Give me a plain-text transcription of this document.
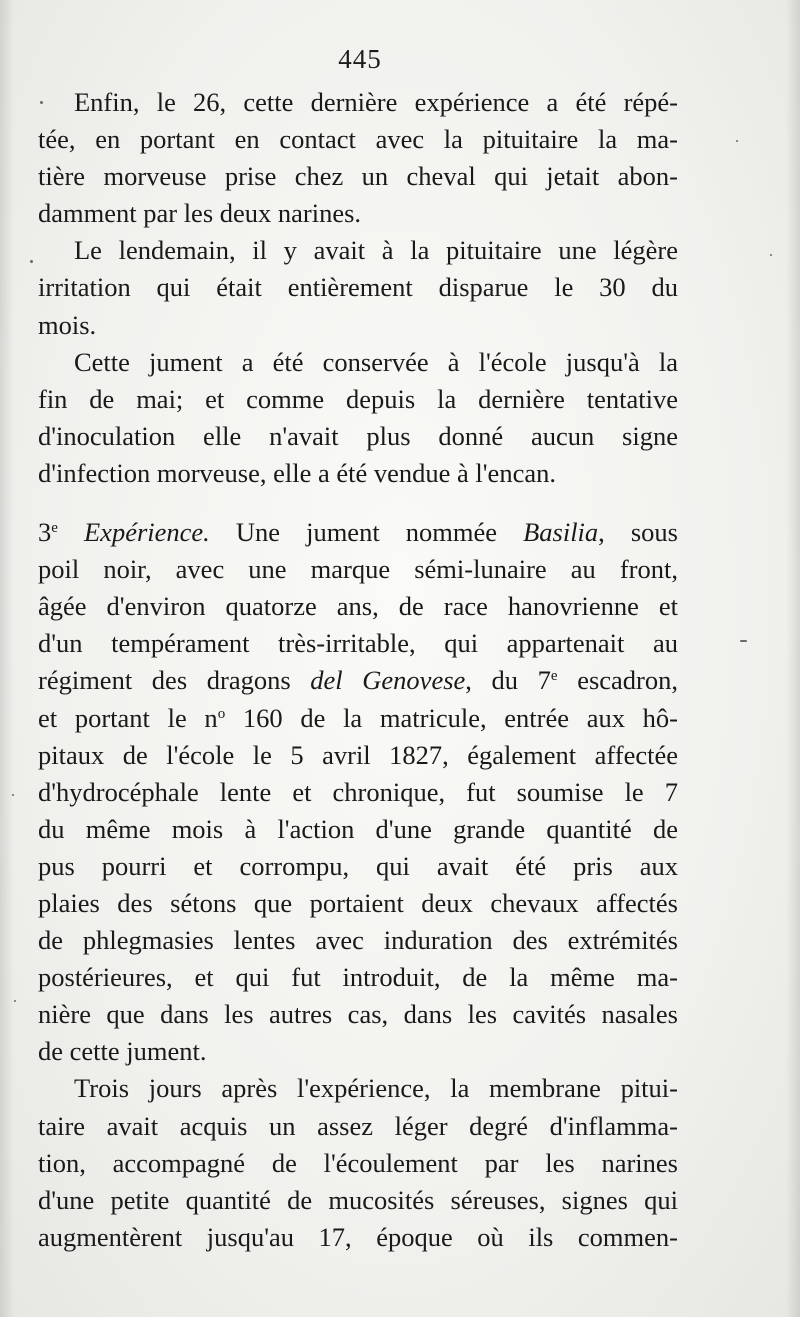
445
Enfin, le 26, cette dernière expérience a été répé-
tée, en portant en contact avec la pituitaire la ma-
tière morveuse prise chez un cheval qui jetait abon-
damment par les deux narines.
Le lendemain, il y avait à la pituitaire une légère
irritation qui était entièrement disparue le 30 du
mois.
Cette jument a été conservée à l'école jusqu'à la
fin de mai; et comme depuis la dernière tentative
d'inoculation elle n'avait plus donné aucun signe
d'infection morveuse, elle a été vendue à l'encan.
3e Expérience. Une jument nommée Basilia, sous
poil noir, avec une marque sémi-lunaire au front,
âgée d'environ quatorze ans, de race hanovrienne et
d'un tempérament très-irritable, qui appartenait au
régiment des dragons del Genovese, du 7e escadron,
et portant le $n^o$ 160 de la matricule, entrée aux hô-
pitaux de l'école le 5 avril 1827, également affectée
d'hydrocéphale lente et chronique, fut soumise le 7
du même mois à l'action d'une grande quantité de
pus pourri et corrompu, qui avait été pris aux
plaies des sétons que portaient deux chevaux affectés
de phlegmasies lentes avec induration des extrémités
postérieures, et qui fut introduit, de la même ma-
nière que dans les autres cas, dans les cavités nasales
de cette jument.
Trois jours après l'expérience, la membrane pitui-
taire avait acquis un assez léger degré d'inflamma-
tion, accompagné de l'écoulement par les narines
d'une petite quantité de mucosités séreuses, signes qui
augmentèrent jusqu'au 17, époque où ils commen-
